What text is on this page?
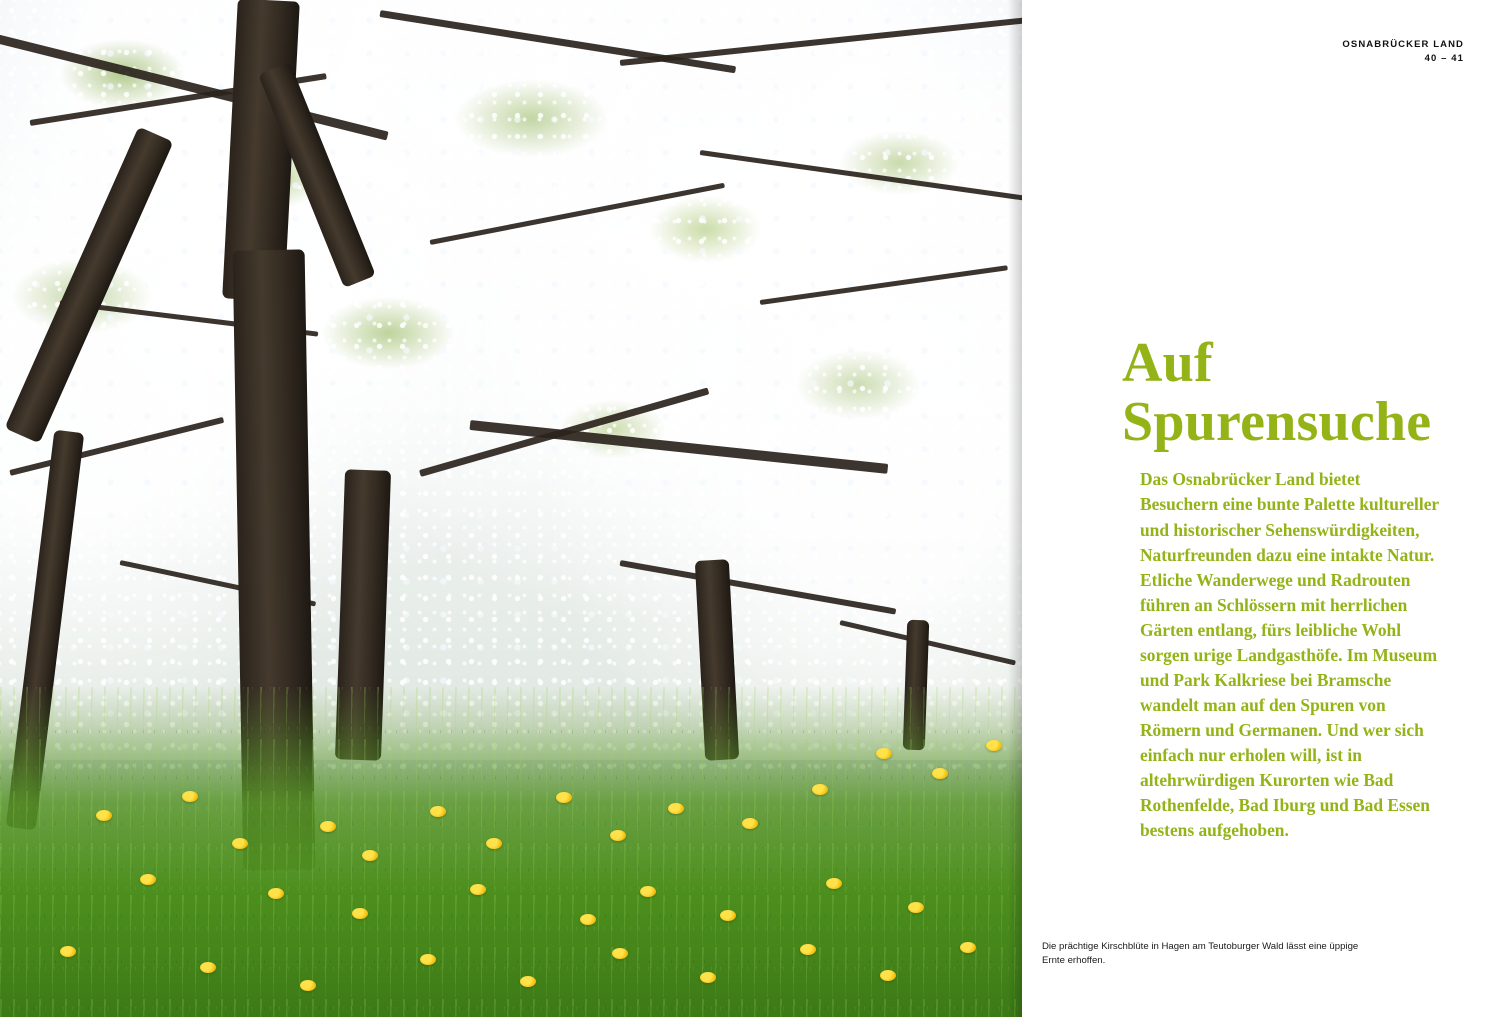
OSNABRÜCKER LAND
40 – 41
Auf
Spurensuche

Das Osnabrücker Land bietet Besuchern eine bunte Palette kultureller und historischer Sehenswürdigkeiten, Naturfreunden dazu eine intakte Natur. Etliche Wanderwege und Radrouten führen an Schlössern mit herrlichen Gärten entlang, fürs leibliche Wohl sorgen urige Landgasthöfe. Im Museum und Park Kalkriese bei Bramsche wandelt man auf den Spuren von Römern und Germanen. Und wer sich einfach nur erholen will, ist in altehrwürdigen Kurorten wie Bad Rothenfelde, Bad Iburg und Bad Essen bestens aufgehoben.

Die prächtige Kirschblüte in Hagen am Teutoburger Wald lässt eine üppige Ernte erhoffen.
